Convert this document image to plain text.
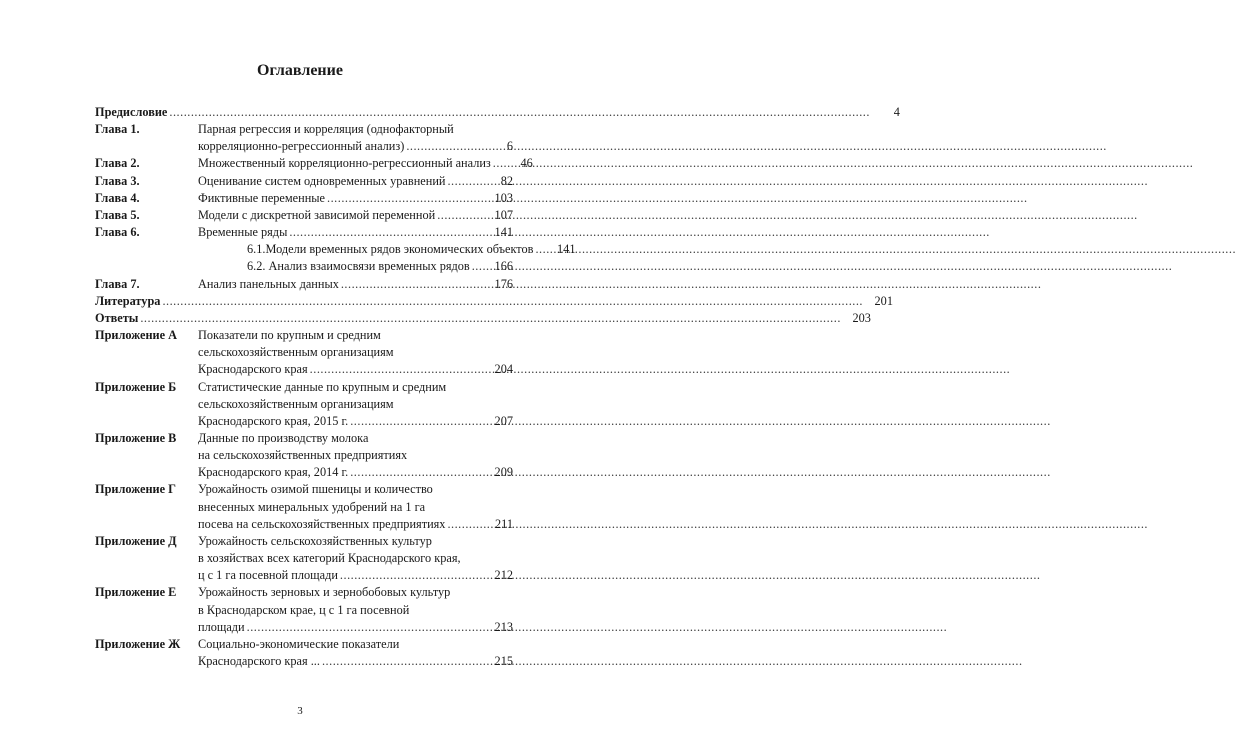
Оглавление
Предисловие .....	4
Глава 1.	Парная регрессия и корреляция (однофакторный
корреляционно-регрессионный анализ) .....	6
Глава 2.	Множественный корреляционно-регрессионный анализ .....	46
Глава 3.	Оценивание систем одновременных уравнений .....	82
Глава 4.	Фиктивные переменные .....	103
Глава 5.	Модели с дискретной зависимой переменной .....	107
Глава 6.	Временные ряды .....	141
6.1.Модели временных рядов экономических объектов .....	141
6.2. Анализ взаимосвязи временных рядов .....	166
Глава 7.	Анализ панельных данных .....	176
Литература .....	201
Ответы .....	203
Приложение А	Показатели по крупным и средним
сельскохозяйственным организациям
Краснодарского края .....	204
Приложение Б	Статистические данные по крупным и средним
сельскохозяйственным организациям
Краснодарского края, 2015 г. .....	207
Приложение В	Данные по производству молока
на сельскохозяйственных предприятиях
Краснодарского края, 2014 г. .....	209
Приложение Г	Урожайность озимой пшеницы и количество
внесенных минеральных удобрений на 1 га
посева на сельскохозяйственных предприятиях .....	211
Приложение Д	Урожайность сельскохозяйственных культур
в хозяйствах всех категорий Краснодарского края,
ц с 1 га посевной площади .....	212
Приложение Е	Урожайность зерновых и зернобобовых культур
в Краснодарском крае, ц с 1 га посевной
площади .....	213
Приложение Ж	Социально-экономические показатели
Краснодарского края ... .....	215
3
